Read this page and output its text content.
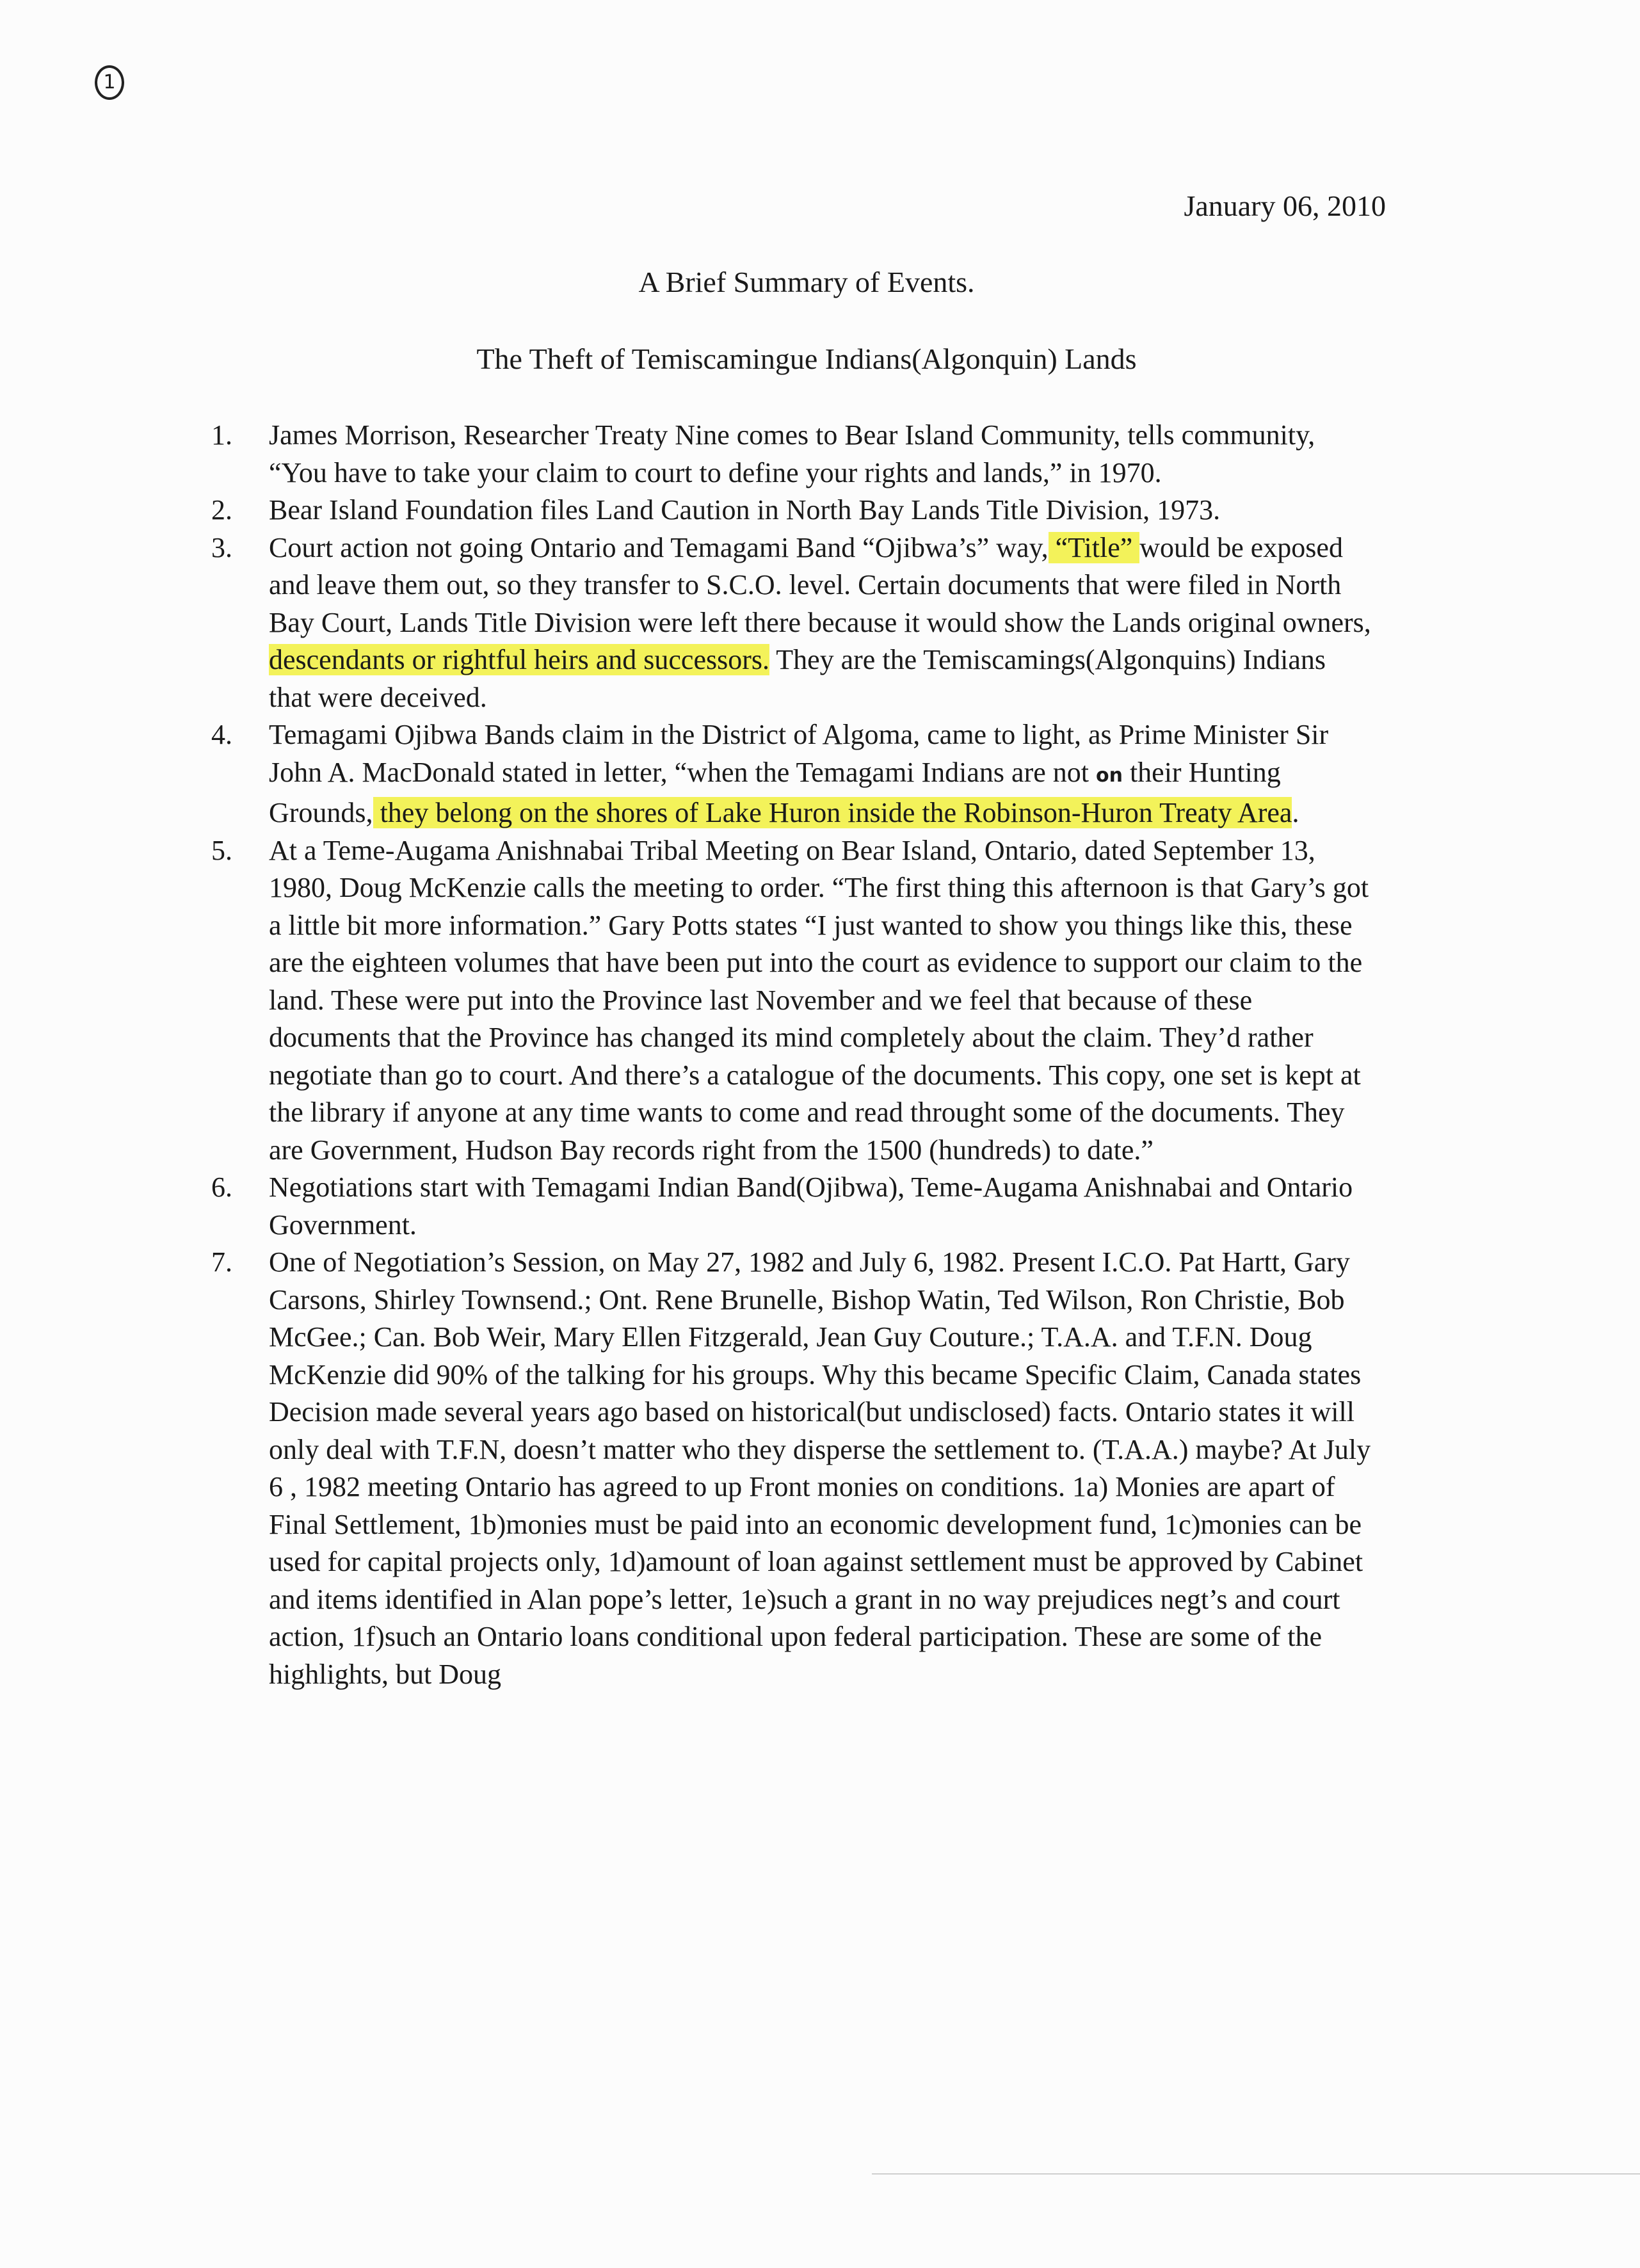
1
January 06, 2010
A Brief Summary of Events.
The Theft of Temiscamingue Indians(Algonquin) Lands
1.	James Morrison, Researcher Treaty Nine comes to Bear Island Community, tells community, “You have to take your claim to court to define your rights and lands,” in 1970.
2.	Bear Island Foundation files Land Caution in North Bay Lands Title Division, 1973.
3.	Court action not going Ontario and Temagami Band “Ojibwa’s” way, “Title” would be exposed and leave them out, so they transfer to S.C.O. level. Certain documents that were filed in North Bay Court, Lands Title Division were left there because it would show the Lands original owners, descendants or rightful heirs and successors. They are the Temiscamings(Algonquins) Indians that were deceived.
4.	Temagami Ojibwa Bands claim in the District of Algoma, came to light, as Prime Minister Sir John A. MacDonald stated in letter, “when the Temagami Indians are not on their Hunting Grounds, they belong on the shores of Lake Huron inside the Robinson-Huron Treaty Area.
5.	At a Teme-Augama Anishnabai Tribal Meeting on Bear Island, Ontario, dated September 13, 1980, Doug McKenzie calls the meeting to order. “The first thing this afternoon is that Gary’s got a little bit more information.” Gary Potts states “I just wanted to show you things like this, these are the eighteen volumes that have been put into the court as evidence to support our claim to the land. These were put into the Province last November and we feel that because of these documents that the Province has changed its mind completely about the claim. They’d rather negotiate than go to court. And there’s a catalogue of the documents. This copy, one set is kept at the library if anyone at any time wants to come and read throught some of the documents. They are Government, Hudson Bay records right from the 1500 (hundreds) to date.”
6.	Negotiations start with Temagami Indian Band(Ojibwa), Teme-Augama Anishnabai and Ontario Government.
7.	One of Negotiation’s Session, on May 27, 1982 and July 6, 1982. Present I.C.O. Pat Hartt, Gary Carsons, Shirley Townsend.; Ont. Rene Brunelle, Bishop Watin, Ted Wilson, Ron Christie, Bob McGee.; Can. Bob Weir, Mary Ellen Fitzgerald, Jean Guy Couture.; T.A.A. and T.F.N. Doug McKenzie did 90% of the talking for his groups. Why this became Specific Claim, Canada states Decision made several years ago based on historical(but undisclosed) facts. Ontario states it will only deal with T.F.N, doesn’t matter who they disperse the settlement to. (T.A.A.) maybe? At July 6 , 1982 meeting Ontario has agreed to up Front monies on conditions. 1a) Monies are apart of Final Settlement, 1b)monies must be paid into an economic development fund, 1c)monies can be used for capital projects only, 1d)amount of loan against settlement must be approved by Cabinet and items identified in Alan pope’s letter, 1e)such a grant in no way prejudices negt’s and court action, 1f)such an Ontario loans conditional upon federal participation. These are some of the highlights, but Doug
